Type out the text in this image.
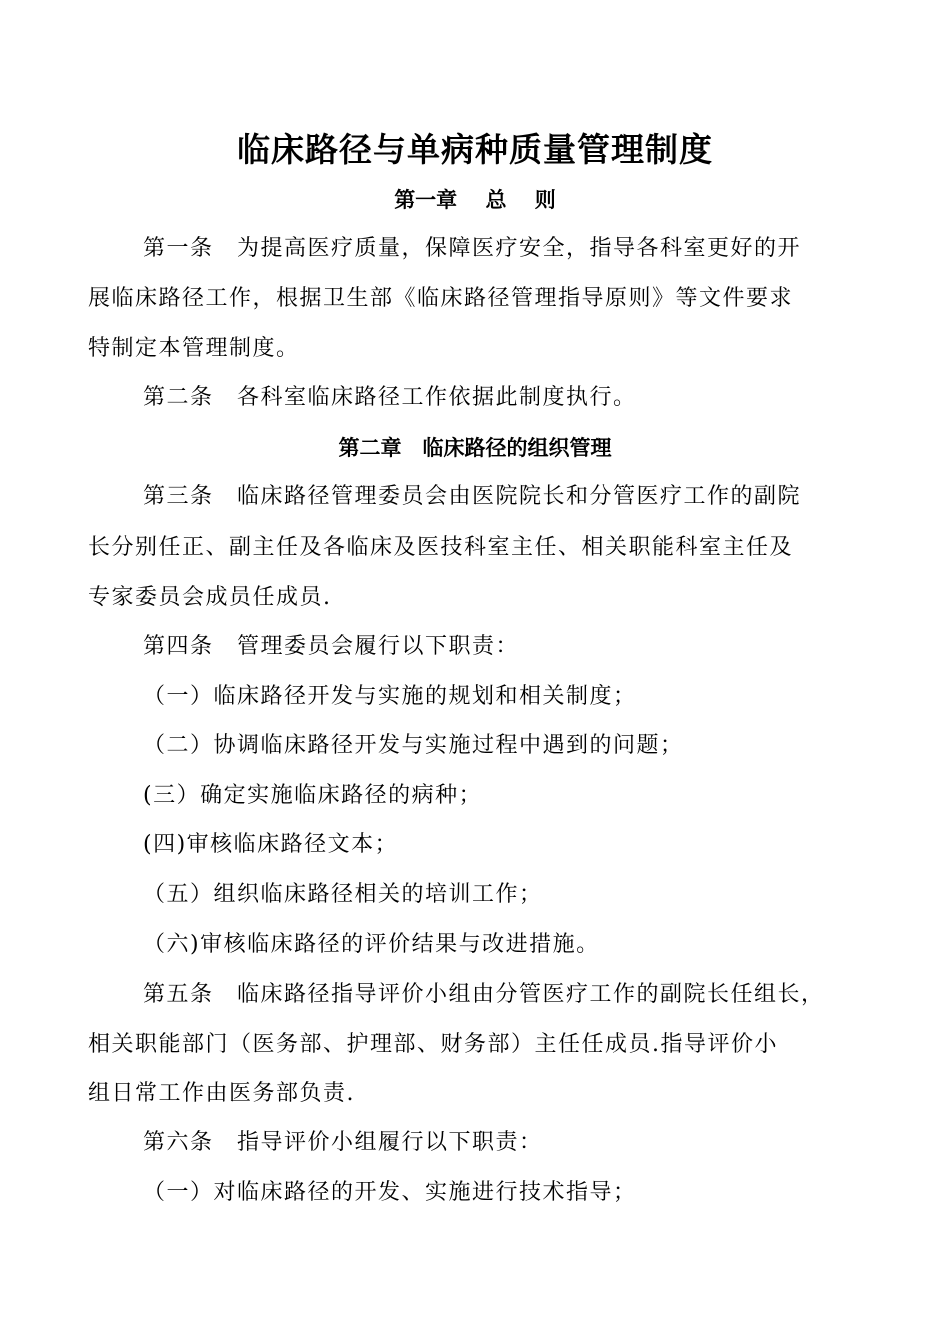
临床路径与单病种质量管理制度
第一章　 总　 则
第一条　为提高医疗质量，保障医疗安全，指导各科室更好的开
展临床路径工作，根据卫生部《临床路径管理指导原则》等文件要求
特制定本管理制度。
第二条　各科室临床路径工作依据此制度执行。
第二章　临床路径的组织管理
第三条　临床路径管理委员会由医院院长和分管医疗工作的副院
长分别任正、副主任及各临床及医技科室主任、相关职能科室主任及
专家委员会成员任成员.
第四条　管理委员会履行以下职责：
（一）临床路径开发与实施的规划和相关制度；
（二）协调临床路径开发与实施过程中遇到的问题；
(三）确定实施临床路径的病种；
(四)审核临床路径文本；
（五）组织临床路径相关的培训工作；
（六)审核临床路径的评价结果与改进措施。
第五条　临床路径指导评价小组由分管医疗工作的副院长任组长，
相关职能部门（医务部、护理部、财务部）主任任成员.指导评价小
组日常工作由医务部负责.
第六条　指导评价小组履行以下职责：
（一）对临床路径的开发、实施进行技术指导；
